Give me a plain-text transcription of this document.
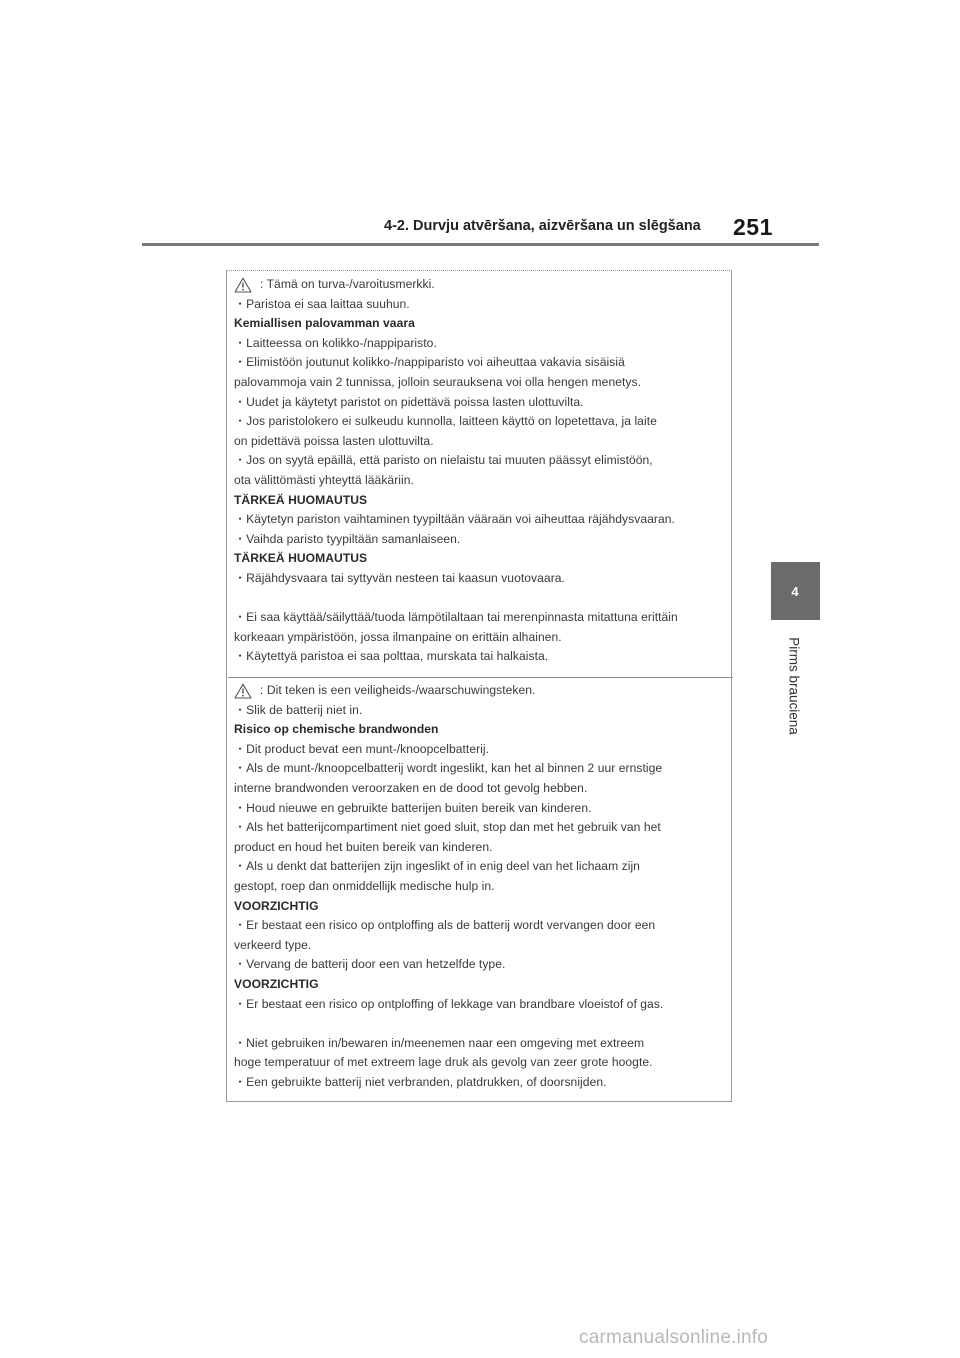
4-2. Durvju atvēršana, aizvēršana un slēgšana 251
4
Pirms brauciena
: Tämä on turva-/varoitusmerkki.
・Paristoa ei saa laittaa suuhun.
Kemiallisen palovamman vaara
・Laitteessa on kolikko-/nappiparisto.
・Elimistöön joutunut kolikko-/nappiparisto voi aiheuttaa vakavia sisäisiä
palovammoja vain 2 tunnissa, jolloin seurauksena voi olla hengen menetys.
・Uudet ja käytetyt paristot on pidettävä poissa lasten ulottuvilta.
・Jos paristolokero ei sulkeudu kunnolla, laitteen käyttö on lopetettava, ja laite
on pidettävä poissa lasten ulottuvilta.
・Jos on syytä epäillä, että paristo on nielaistu tai muuten päässyt elimistöön,
ota välittömästi yhteyttä lääkäriin.
TÄRKEÄ HUOMAUTUS
・Käytetyn pariston vaihtaminen tyypiltään vääraän voi aiheuttaa räjähdysvaaran.
・Vaihda paristo tyypiltään samanlaiseen.
TÄRKEÄ HUOMAUTUS
・Räjähdysvaara tai syttyvän nesteen tai kaasun vuotovaara.
・Ei saa käyttää/säilyttää/tuoda lämpötilaltaan tai merenpinnasta mitattuna erittäin
korkeaan ympäristöön, jossa ilmanpaine on erittäin alhainen.
・Käytettyä paristoa ei saa polttaa, murskata tai halkaista.
: Dit teken is een veiligheids-/waarschuwingsteken.
・Slik de batterij niet in.
Risico op chemische brandwonden
・Dit product bevat een munt-/knoopcelbatterij.
・Als de munt-/knoopcelbatterij wordt ingeslikt, kan het al binnen 2 uur ernstige
interne brandwonden veroorzaken en de dood tot gevolg hebben.
・Houd nieuwe en gebruikte batterijen buiten bereik van kinderen.
・Als het batterijcompartiment niet goed sluit, stop dan met het gebruik van het
product en houd het buiten bereik van kinderen.
・Als u denkt dat batterijen zijn ingeslikt of in enig deel van het lichaam zijn
gestopt, roep dan onmiddellijk medische hulp in.
VOORZICHTIG
・Er bestaat een risico op ontploffing als de batterij wordt vervangen door een
verkeerd type.
・Vervang de batterij door een van hetzelfde type.
VOORZICHTIG
・Er bestaat een risico op ontploffing of lekkage van brandbare vloeistof of gas.
・Niet gebruiken in/bewaren in/meenemen naar een omgeving met extreem
hoge temperatuur of met extreem lage druk als gevolg van zeer grote hoogte.
・Een gebruikte batterij niet verbranden, platdrukken, of doorsnijden.
carmanualsonline.info
